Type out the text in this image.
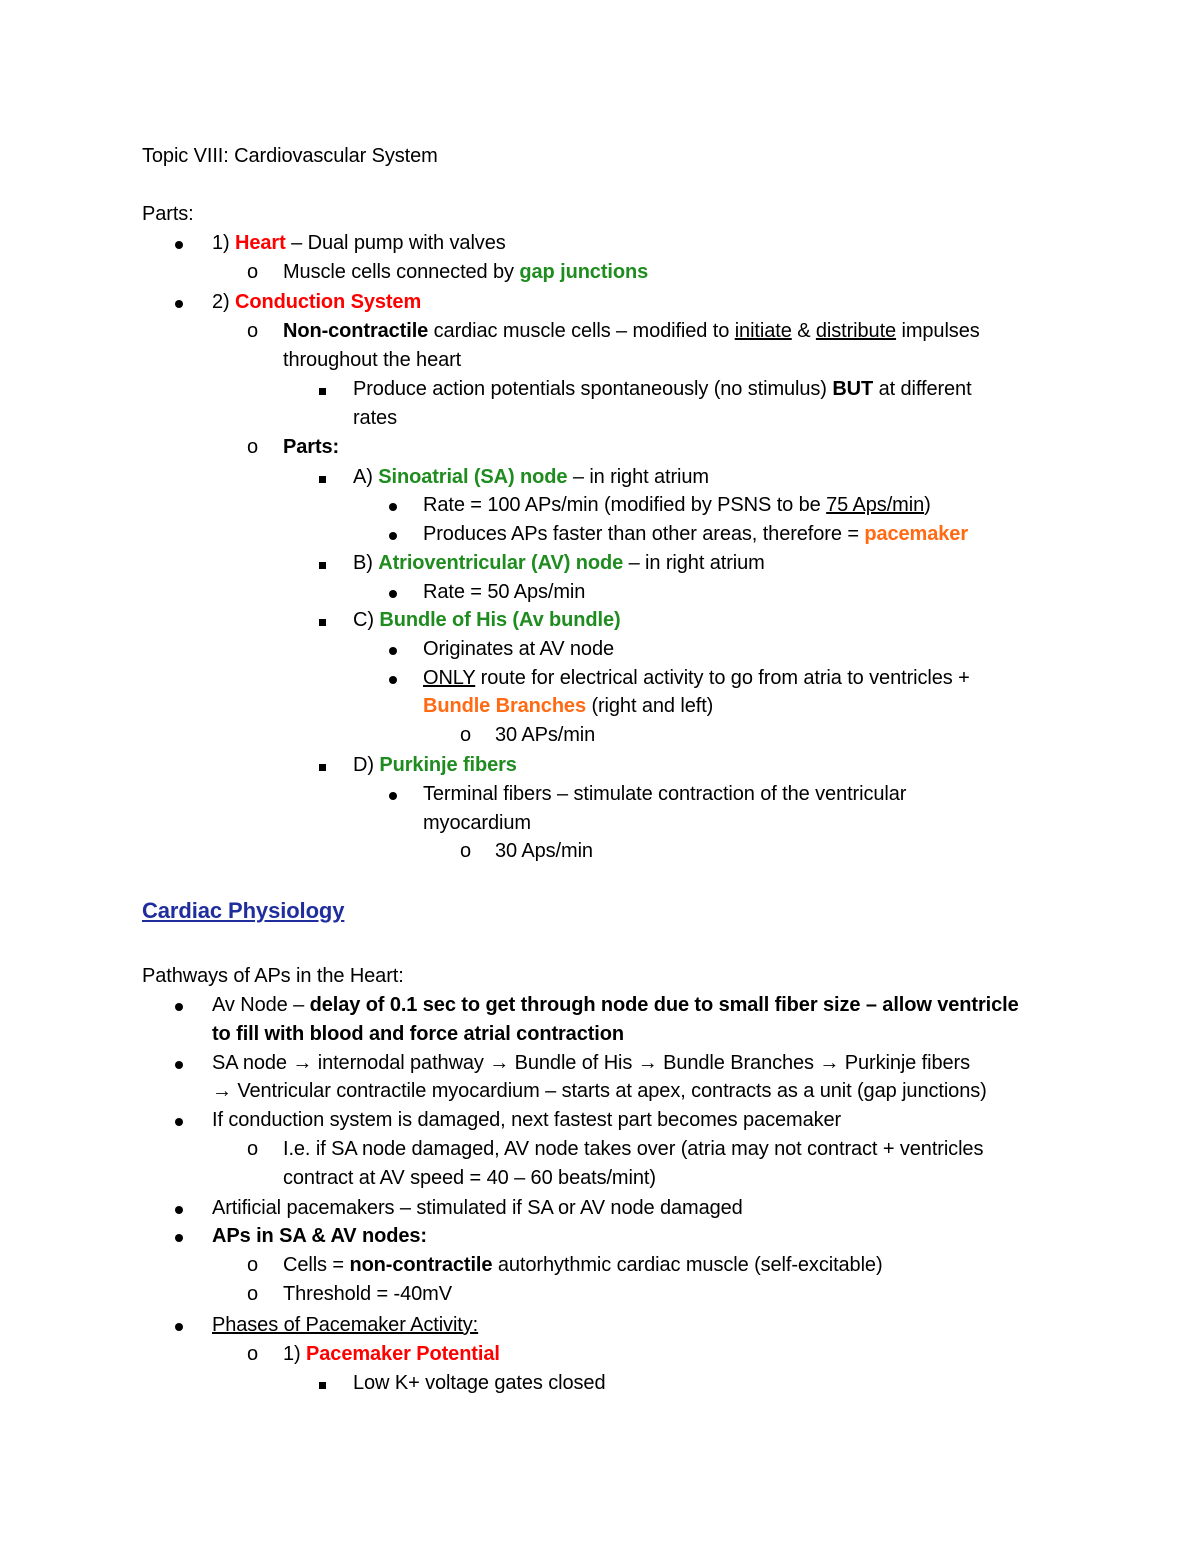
Topic VIII: Cardiovascular System
Parts:
1) Heart – Dual pump with valves
o Muscle cells connected by gap junctions
2) Conduction System
o Non-contractile cardiac muscle cells – modified to initiate & distribute impulses
throughout the heart
Produce action potentials spontaneously (no stimulus) BUT at different
rates
o Parts:
A) Sinoatrial (SA) node – in right atrium
Rate = 100 APs/min (modified by PSNS to be 75 Aps/min)
Produces APs faster than other areas, therefore = pacemaker
B) Atrioventricular (AV) node – in right atrium
Rate = 50 Aps/min
C) Bundle of His (Av bundle)
Originates at AV node
ONLY route for electrical activity to go from atria to ventricles +
Bundle Branches (right and left)
o 30 APs/min
D) Purkinje fibers
Terminal fibers – stimulate contraction of the ventricular
myocardium
o 30 Aps/min
Cardiac Physiology
Pathways of APs in the Heart:
Av Node – delay of 0.1 sec to get through node due to small fiber size – allow ventricle
to fill with blood and force atrial contraction
SA node → internodal pathway → Bundle of His → Bundle Branches → Purkinje fibers
→ Ventricular contractile myocardium – starts at apex, contracts as a unit (gap junctions)
If conduction system is damaged, next fastest part becomes pacemaker
o I.e. if SA node damaged, AV node takes over (atria may not contract + ventricles
contract at AV speed = 40 – 60 beats/mint)
Artificial pacemakers – stimulated if SA or AV node damaged
APs in SA & AV nodes:
o Cells = non-contractile autorhythmic cardiac muscle (self-excitable)
o Threshold = -40mV
Phases of Pacemaker Activity:
o 1) Pacemaker Potential
Low K+ voltage gates closed
